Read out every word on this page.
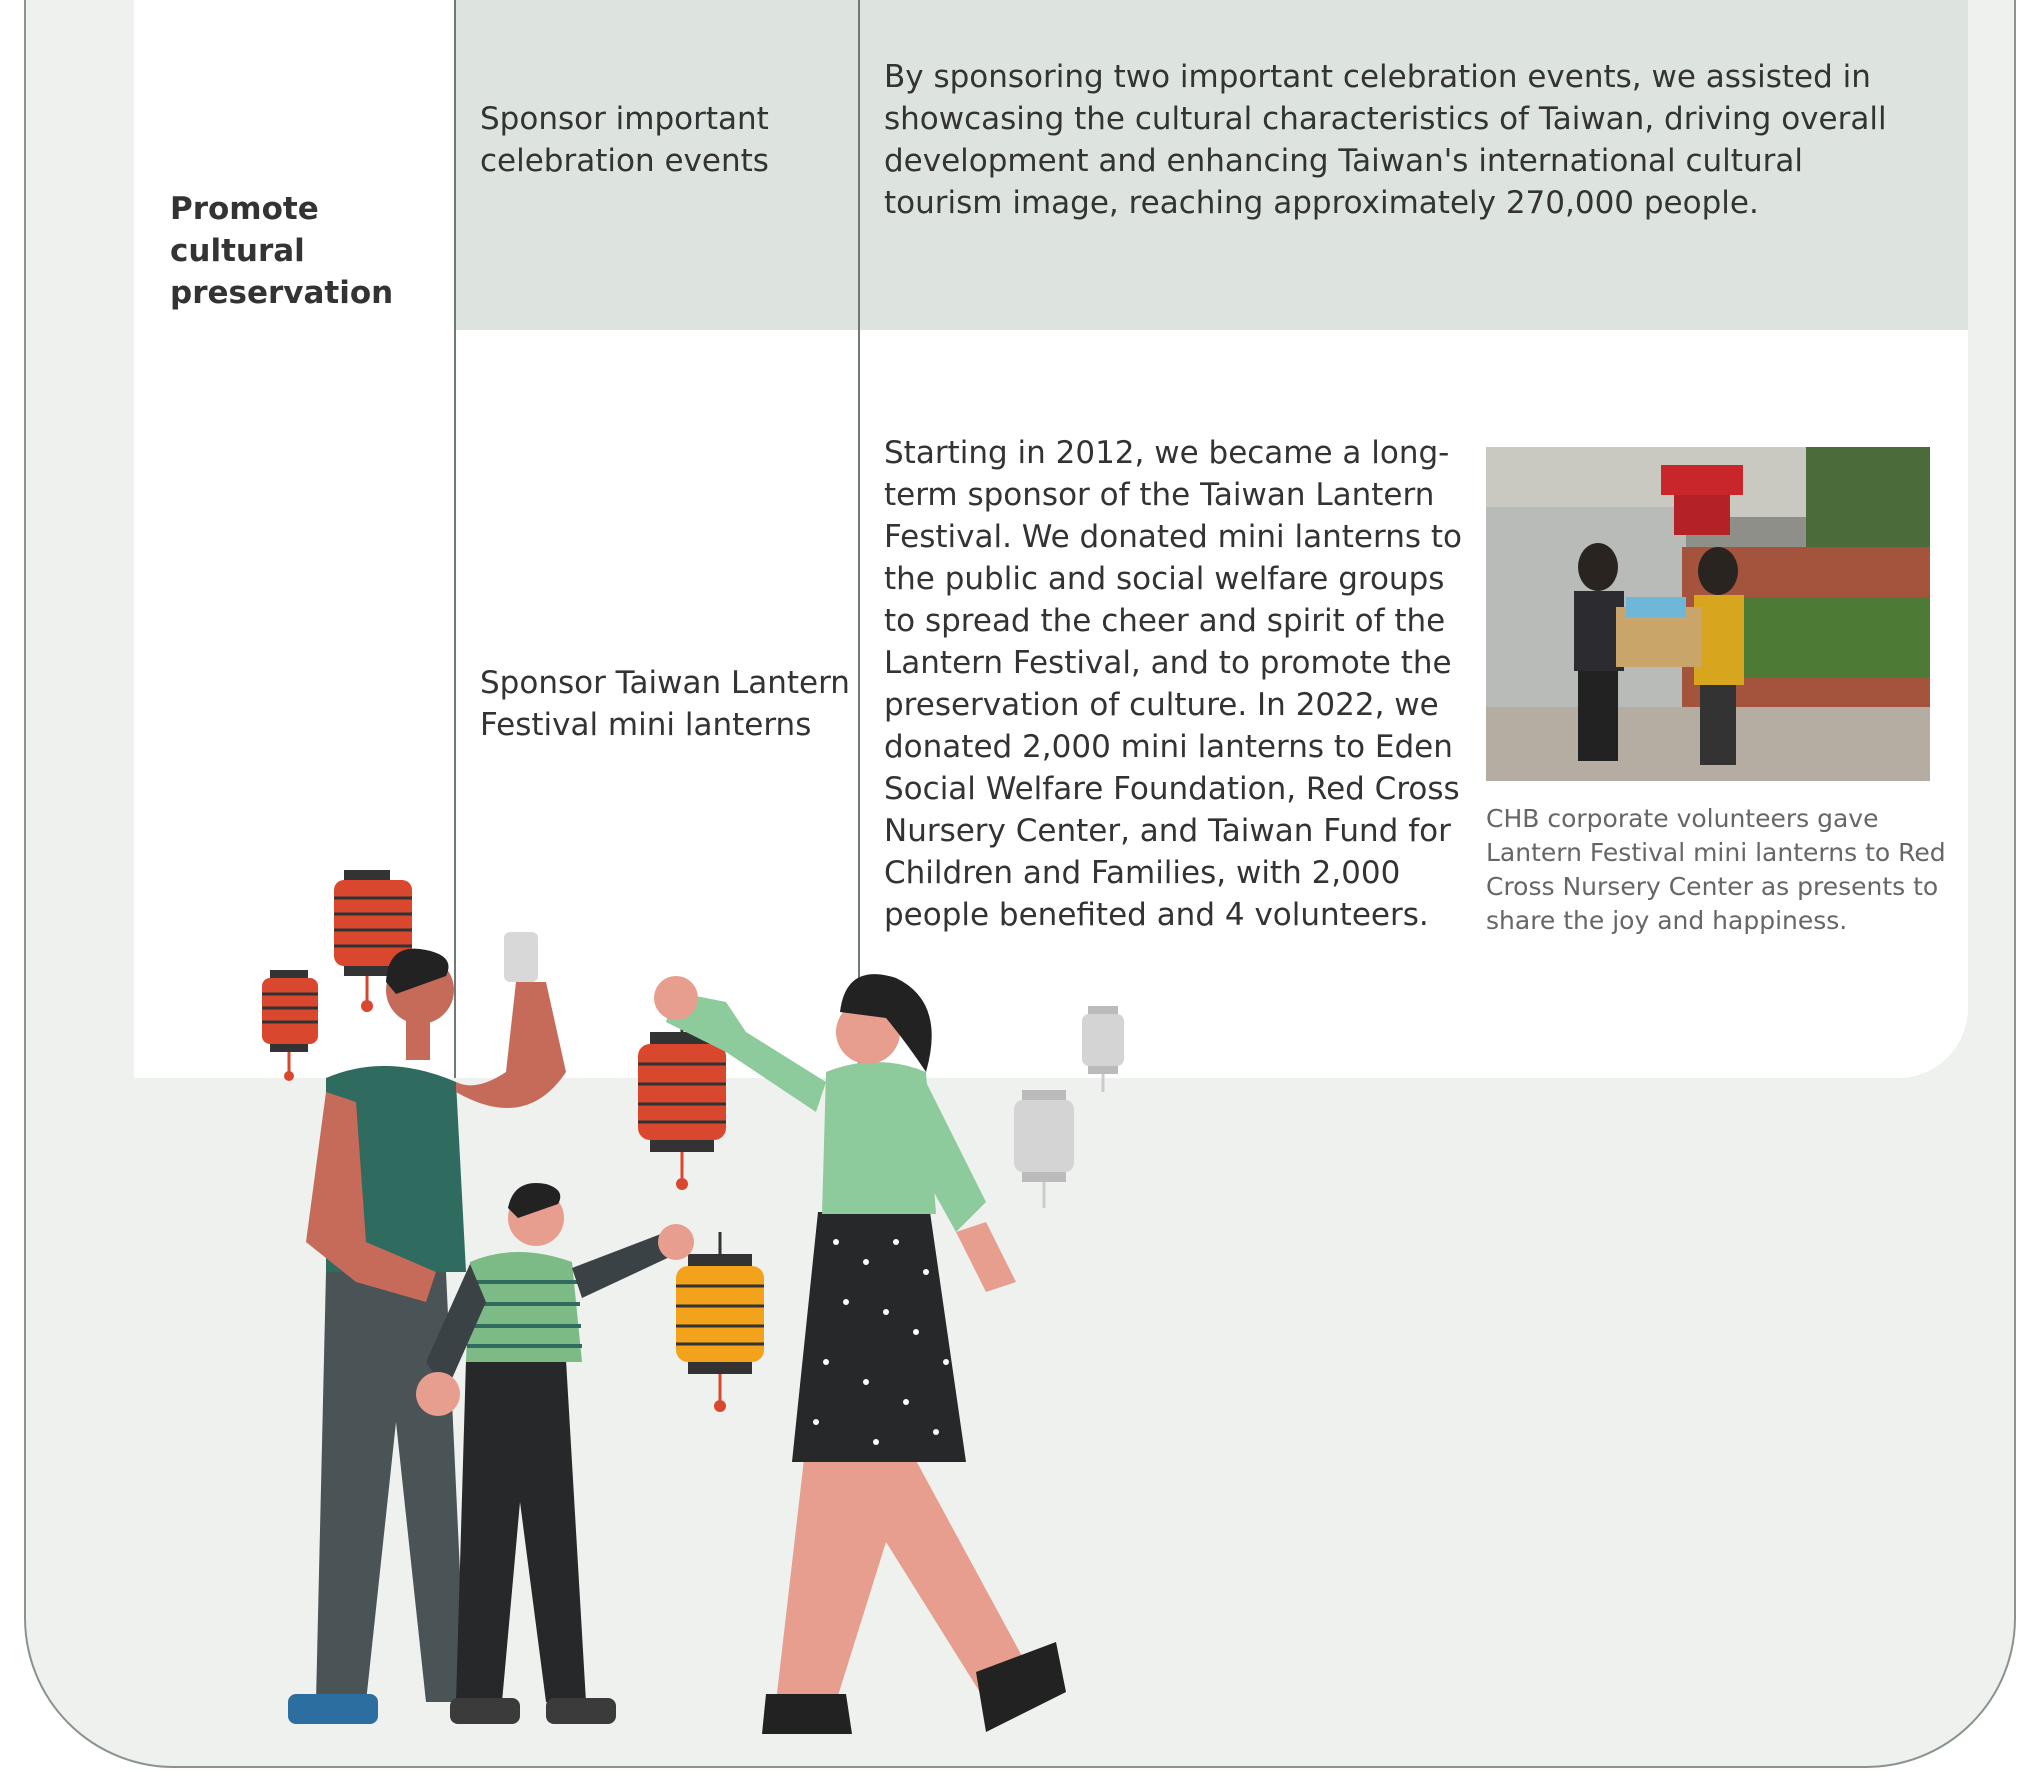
Promote cultural preservation
Sponsor important celebration events
By sponsoring two important celebration events, we assisted in showcasing the cultural characteristics of Taiwan, driving overall development and enhancing Taiwan's international cultural tourism image, reaching approximately 270,000 people.
Sponsor Taiwan Lantern Festival mini lanterns
Starting in 2012, we became a long-term sponsor of the Taiwan Lantern Festival. We donated mini lanterns to the public and social welfare groups to spread the cheer and spirit of the Lantern Festival, and to promote the preservation of culture. In 2022, we donated 2,000 mini lanterns to Eden Social Welfare Foundation, Red Cross Nursery Center, and Taiwan Fund for Children and Families, with 2,000 people benefited and 4 volunteers.
CHB corporate volunteers gave Lantern Festival mini lanterns to Red Cross Nursery Center as presents to share the joy and happiness.
